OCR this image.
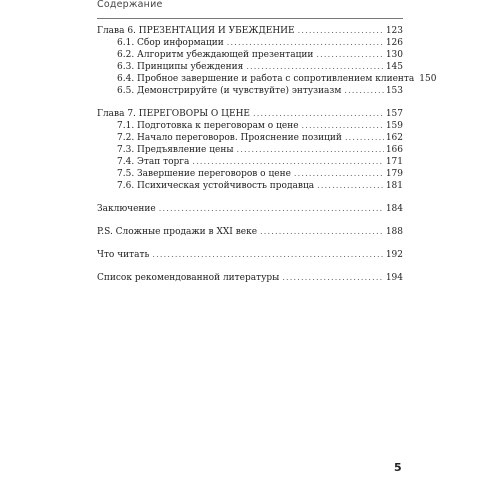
Содержание
Глава 6. ПРЕЗЕНТАЦИЯ И УБЕЖДЕНИЕ .....	123
6.1. Сбор информации .....	126
6.2. Алгоритм убеждающей презентации .....	130
6.3. Принципы убеждения .....	145
6.4. Пробное завершение и работа с сопротивлением клиента 150
6.5. Демонстрируйте (и чувствуйте) энтузиазм .....	153
Глава 7. ПЕРЕГОВОРЫ О ЦЕНЕ .....	157
7.1. Подготовка к переговорам о цене .....	159
7.2. Начало переговоров. Прояснение позиций .....	162
7.3. Предъявление цены .....	166
7.4. Этап торга .....	171
7.5. Завершение переговоров о цене .....	179
7.6. Психическая устойчивость продавца .....	181
Заключение .....	184
P.S. Сложные продажи в XXI веке .....	188
Что читать .....	192
Список рекомендованной литературы .....	194
5
